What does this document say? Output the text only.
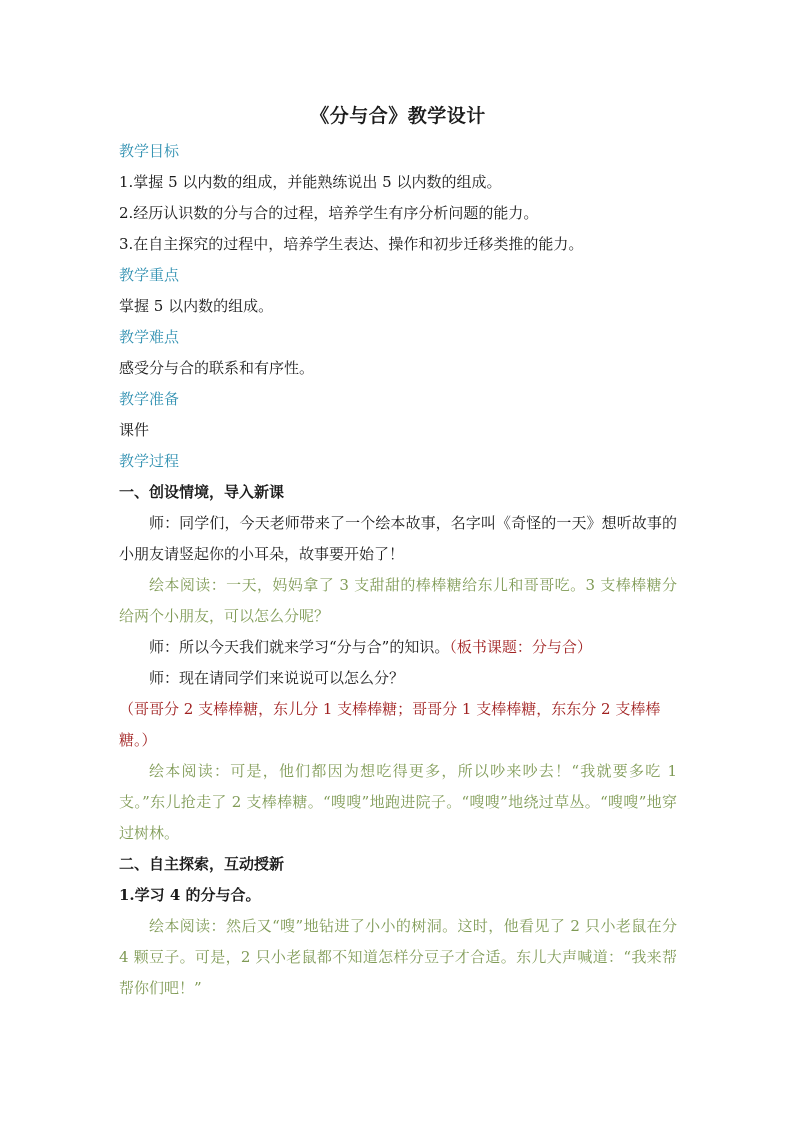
《分与合》教学设计

教学目标

1.掌握 5 以内数的组成，并能熟练说出 5 以内数的组成。

2.经历认识数的分与合的过程，培养学生有序分析问题的能力。

3.在自主探究的过程中，培养学生表达、操作和初步迁移类推的能力。

教学重点

掌握 5 以内数的组成。

教学难点

感受分与合的联系和有序性。

教学准备

课件

教学过程

一、创设情境，导入新课

师：同学们，今天老师带来了一个绘本故事，名字叫《奇怪的一天》想听故事的小朋友请竖起你的小耳朵，故事要开始了！

绘本阅读：一天，妈妈拿了 3 支甜甜的棒棒糖给东儿和哥哥吃。3 支棒棒糖分给两个小朋友，可以怎么分呢？

师：所以今天我们就来学习“分与合”的知识。（板书课题：分与合）

师：现在请同学们来说说可以怎么分？

（哥哥分 2 支棒棒糖，东儿分 1 支棒棒糖；哥哥分 1 支棒棒糖，东东分 2 支棒棒糖。）

绘本阅读：可是，他们都因为想吃得更多，所以吵来吵去！“我就要多吃 1 支。”东儿抢走了 2 支棒棒糖。“嗖嗖”地跑进院子。“嗖嗖”地绕过草丛。“嗖嗖”地穿过树林。

二、自主探索，互动授新

1.学习 4 的分与合。

绘本阅读：然后又“嗖”地钻进了小小的树洞。这时，他看见了 2 只小老鼠在分 4 颗豆子。可是，2 只小老鼠都不知道怎样分豆子才合适。东儿大声喊道：“我来帮帮你们吧！”
